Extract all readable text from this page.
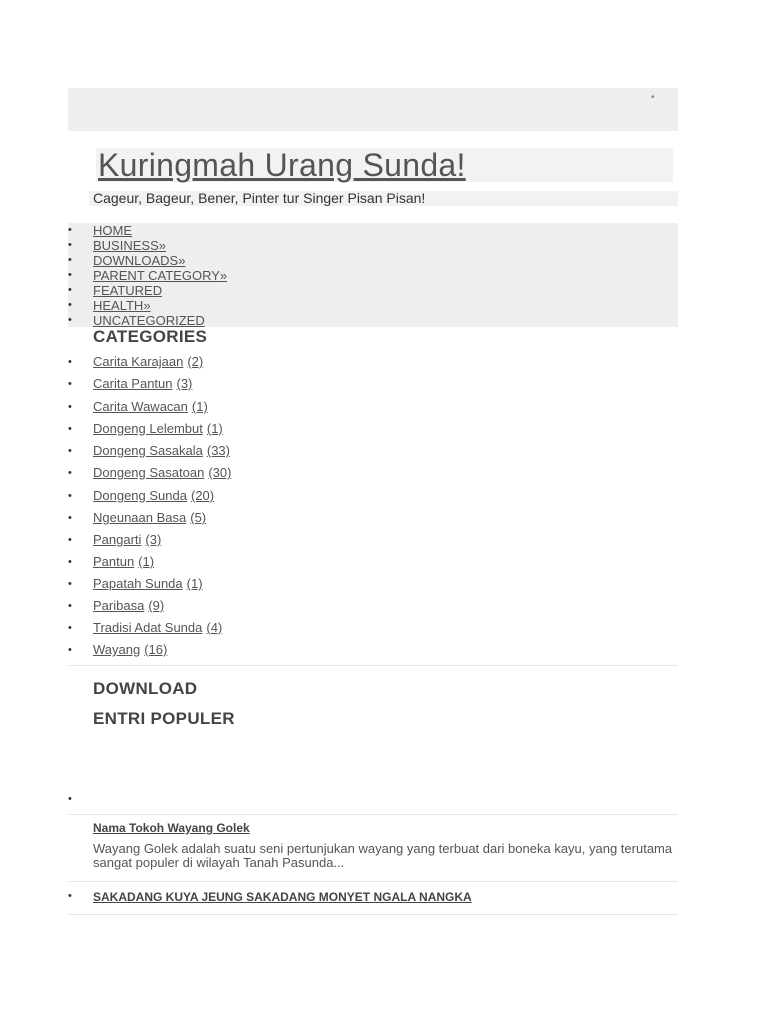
•
Kuringmah Urang Sunda!
Cageur, Bageur, Bener, Pinter tur Singer Pisan Pisan!
• HOME
• BUSINESS»
• DOWNLOADS»
• PARENT CATEGORY»
• FEATURED
• HEALTH»
• UNCATEGORIZED
CATEGORIES
• Carita Karajaan (2)
• Carita Pantun (3)
• Carita Wawacan (1)
• Dongeng Lelembut (1)
• Dongeng Sasakala (33)
• Dongeng Sasatoan (30)
• Dongeng Sunda (20)
• Ngeunaan Basa (5)
• Pangarti (3)
• Pantun (1)
• Papatah Sunda (1)
• Paribasa (9)
• Tradisi Adat Sunda (4)
• Wayang (16)
DOWNLOAD
ENTRI POPULER
•
Nama Tokoh Wayang Golek
Wayang Golek adalah suatu seni pertunjukan wayang yang terbuat dari boneka kayu, yang terutama sangat populer di wilayah Tanah Pasunda...
• SAKADANG KUYA JEUNG SAKADANG MONYET NGALA NANGKA
